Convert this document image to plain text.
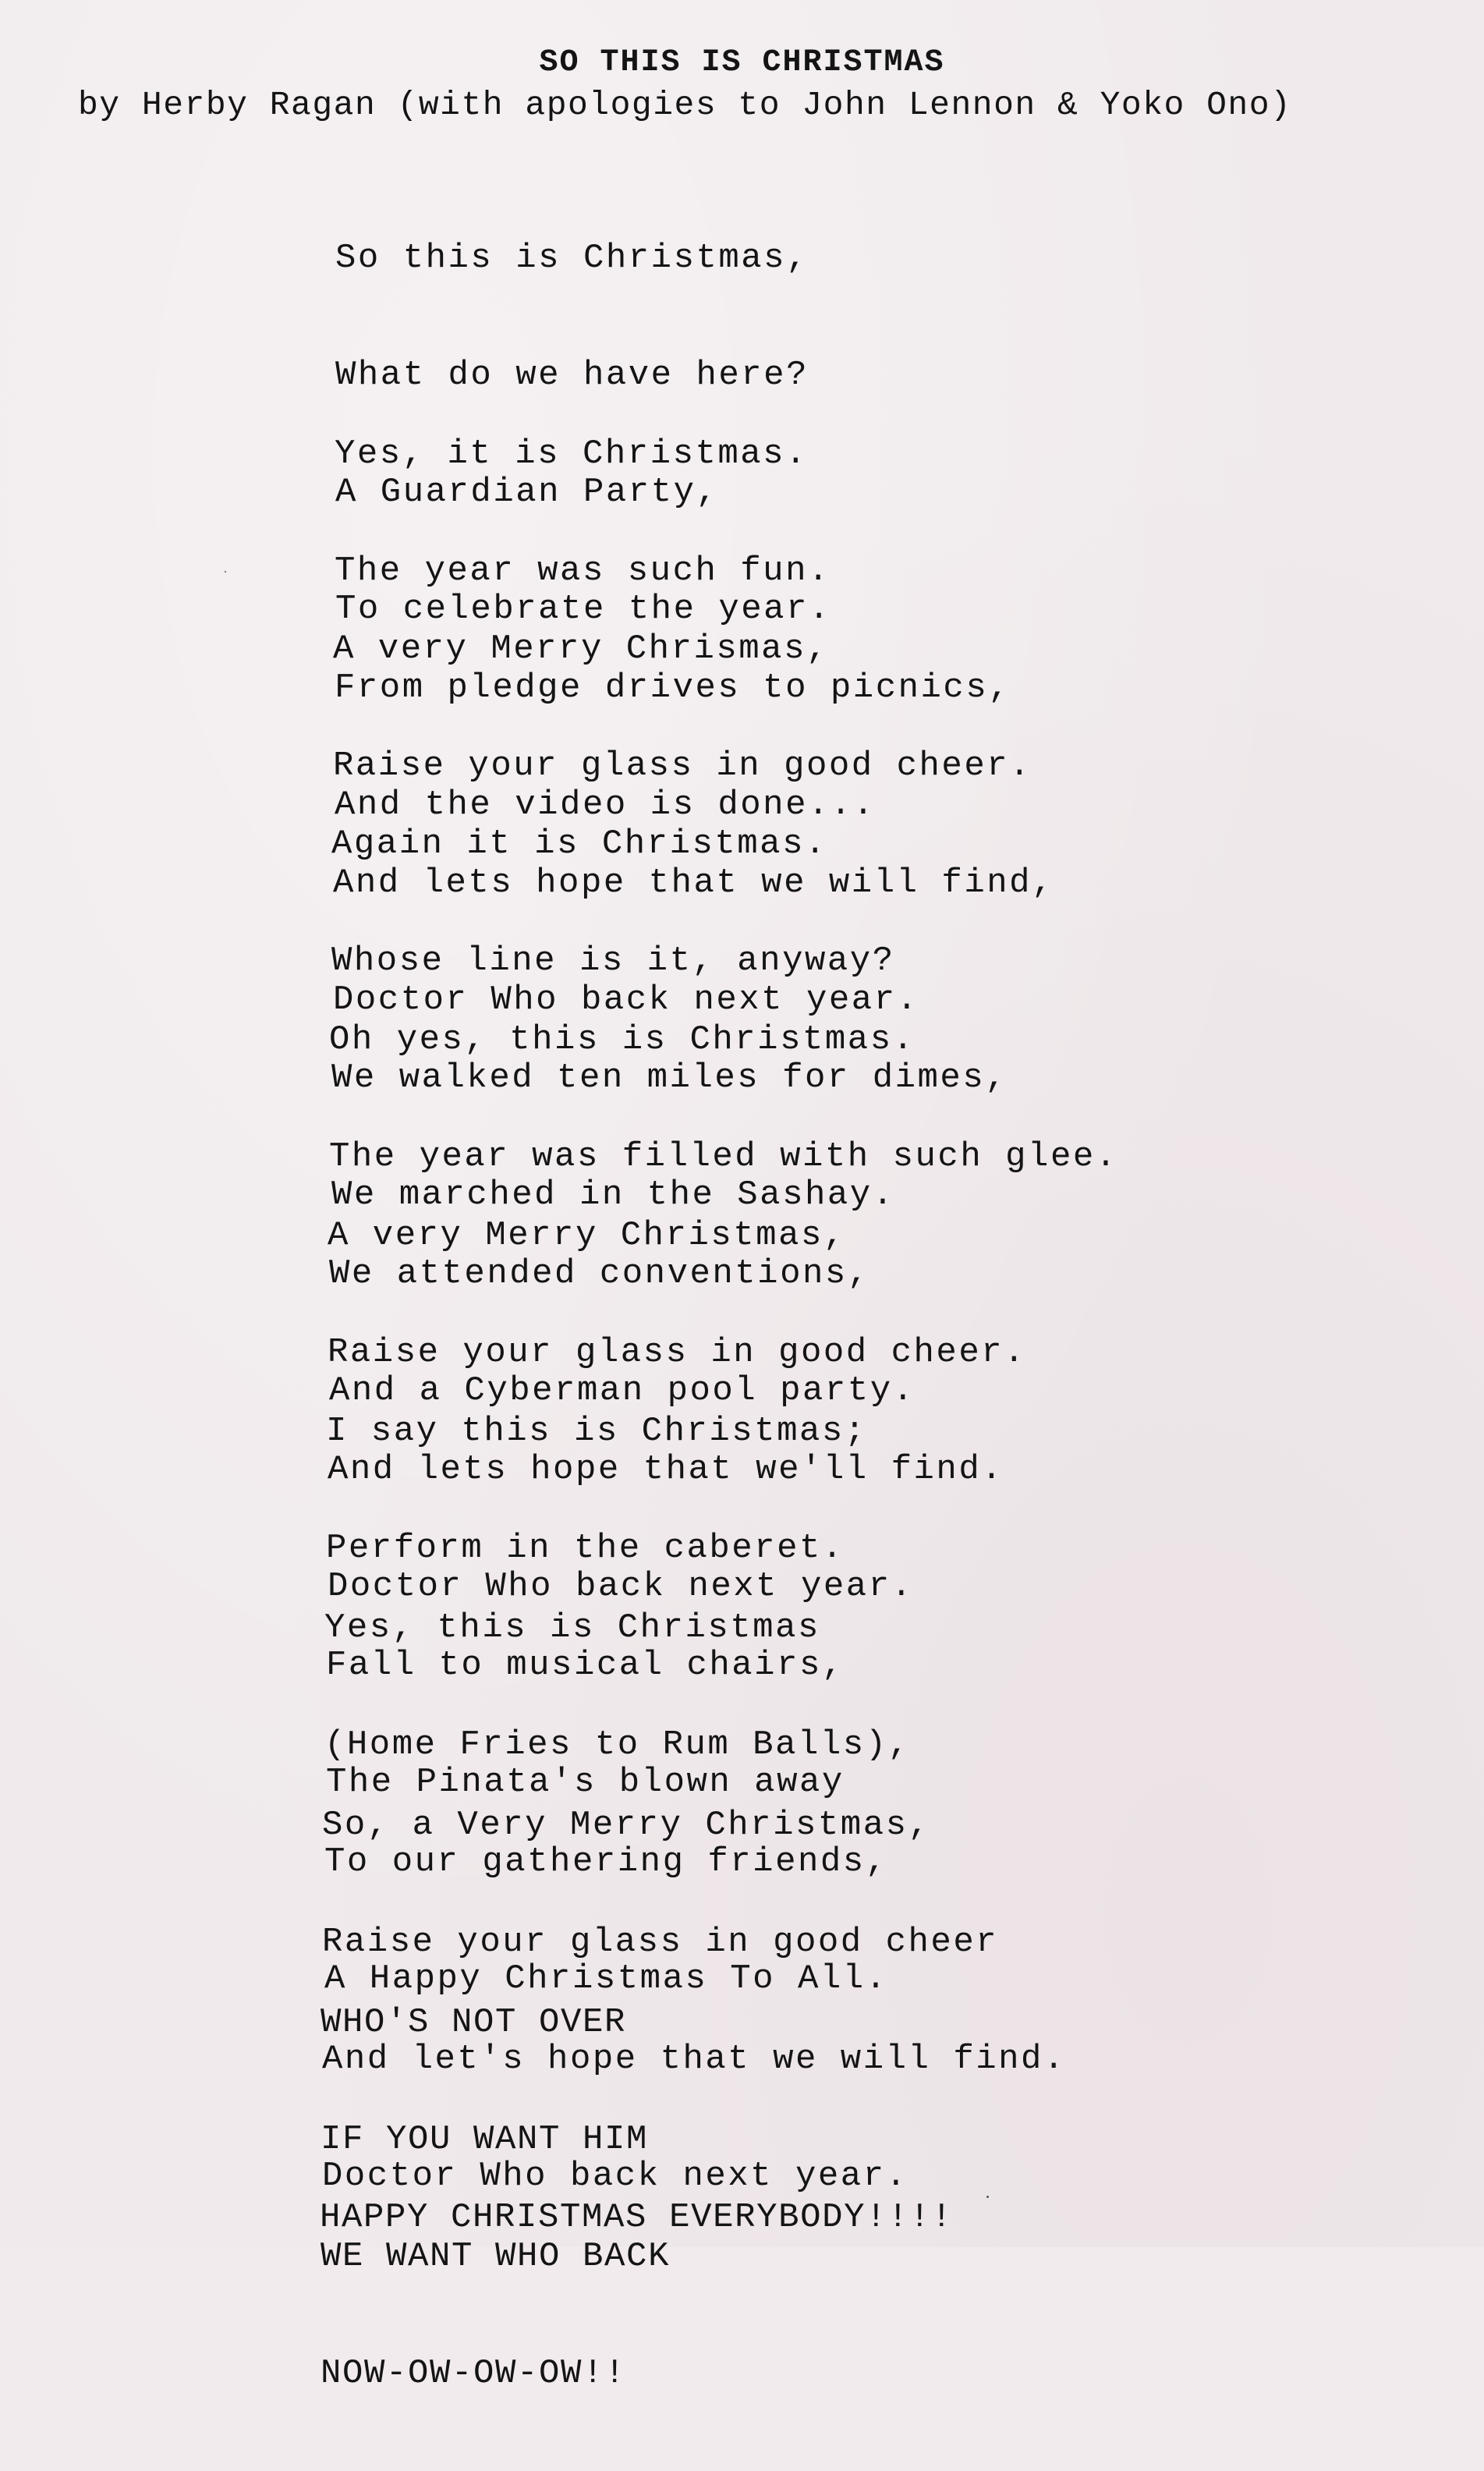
SO THIS IS CHRISTMAS
by Herby Ragan (with apologies to John Lennon & Yoko Ono)

So this is Christmas,

What do we have here?

A Guardian Party,

To celebrate the year.

Yes, it is Christmas.

The year was such fun.

From pledge drives to picnics,

And the video is done...

A very Merry Chrismas,

Raise your glass in good cheer.

And lets hope that we will find,

Doctor Who back next year.

Again it is Christmas.

Whose line is it, anyway?

We walked ten miles for dimes,

We marched in the Sashay.

Oh yes, this is Christmas.

The year was filled with such glee.

We attended conventions,

And a Cyberman pool party.

A very Merry Christmas,

Raise your glass in good cheer.

And lets hope that we'll find.

Doctor Who back next year.

I say this is Christmas;

Perform in the caberet.

Fall to musical chairs,

The Pinata's blown away

Yes, this is Christmas

(Home Fries to Rum Balls),

To our gathering friends,

A Happy Christmas To All.

So, a Very Merry Christmas,

Raise your glass in good cheer

And let's hope that we will find.

Doctor Who back next year.

WHO'S NOT OVER

IF YOU WANT HIM

WE WANT WHO BACK

NOW-OW-OW-OW!!

HAPPY CHRISTMAS EVERYBODY!!!!
